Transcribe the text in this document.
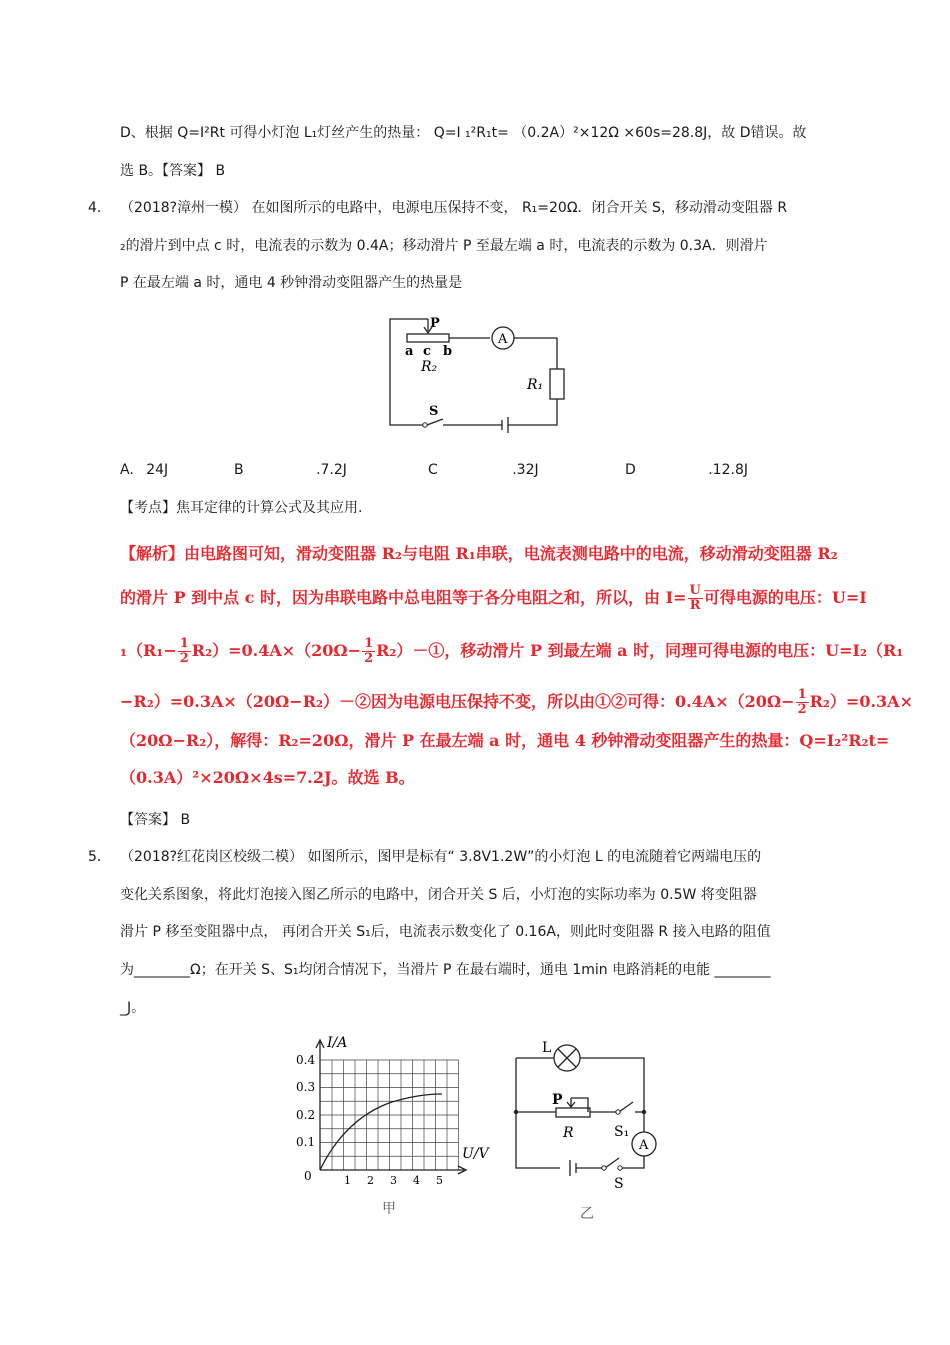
D、根据 Q=I²Rt 可得小灯泡 L₁灯丝产生的热量： Q=I ₁²R₁t= （0.2A）²×12Ω ×60s=28.8J，故 D错误。故
选 B。【答案】 B
4． （2018?漳州一模） 在如图所示的电路中，电源电压保持不变， R₁=20Ω．闭合开关 S，移动滑动变阻器 R
₂的滑片到中点 c 时，电流表的示数为 0.4A；移动滑片 P 至最左端 a 时，电流表的示数为 0.3A．则滑片
P 在最左端 a 时，通电 4 秒钟滑动变阻器产生的热量是
P
a c b
R₂
A
R₁
S
A. 24J	B	.7.2J	C	.32J	D	.12.8J
【考点】焦耳定律的计算公式及其应用.
【解析】由电路图可知，滑动变阻器 R₂与电阻 R₁串联，电流表测电路中的电流，移动滑动变阻器 R₂
的滑片 P 到中点 c 时，因为串联电路中总电阻等于各分电阻之和，所以，由 $I= \frac{U}{R}$ 可得电源的电压：U=I
$_1(R_1- \frac{1}{2} R_2)=0.4A\times(20\Omega- \frac{1}{2}$ R₂）－①，移动滑片 P 到最左端 a 时，同理可得电源的电压：U=I₂（R₁
−R₂）=0.3A×（20Ω−R₂）－②因为电源电压保持不变，所以由①②可得：$0.4A\times(20\Omega- \frac{1}{2} R_2)=0.3A\times$
（20Ω−R₂），解得：R₂=20Ω，滑片 P 在最左端 a 时，通电 4 秒钟滑动变阻器产生的热量：Q=I₂²R₂t=
（0.3A）²×20Ω×4s=7.2J。故选 B。
【答案】 B
5． （2018?红花岗区校级二模） 如图所示，图甲是标有“ 3.8V1.2W”的小灯泡 L 的电流随着它两端电压的
变化关系图象，将此灯泡接入图乙所示的电路中，闭合开关 S 后，小灯泡的实际功率为 0.5W 将变阻器
滑片 P 移至变阻器中点， 再闭合开关 S₁后，电流表示数变化了 0.16A，则此时变阻器 R 接入电路的阻值
为________Ω；在开关 S、S₁均闭合情况下，当滑片 P 在最右端时，通电 1min 电路消耗的电能 ________
_J。
I/A
U/V
0.4
0.3
0.2
0.1
0	1 2 3 4 5
甲
L
P
R	S₁
A
S
乙
